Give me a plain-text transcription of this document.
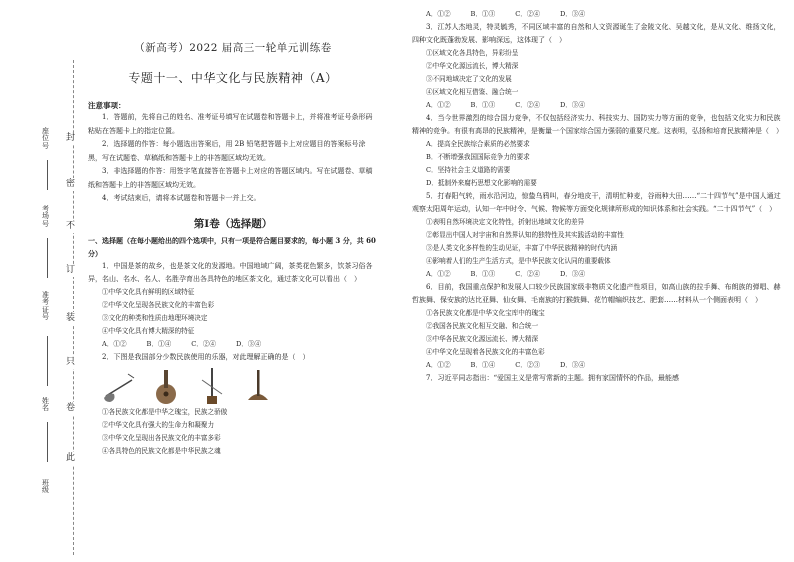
封
密
不
订
装
只
卷
此
座位号
考场号
准考证号
姓名
班级
（新高考）2022 届高三一轮单元训练卷
专题十一、中华文化与民族精神（A）
注意事项：

1．答题前，先将自己的姓名、准考证号填写在试题卷和答题卡上，并将准考证号条形码粘贴在答题卡上的指定位置。

2．选择题的作答：每小题选出答案后，用 2B 铅笔把答题卡上对应题目的答案标号涂黑，写在试题卷、草稿纸和答题卡上的非答题区域均无效。

3．非选择题的作答：用签字笔直接答在答题卡上对应的答题区域内。写在试题卷、草稿纸和答题卡上的非答题区域均无效。

4．考试结束后，请将本试题卷和答题卡一并上交。

第Ⅰ卷（选择题）
一、选择题（在每小题给出的四个选项中，只有一项是符合题目要求的，每小题 3 分，共 60 分）

1．中国是茶的故乡，也是茶文化的发源地。中国地域广阔，茶类花色繁多，饮茶习俗各异，名山、名水、名人、名胜孕育出各具特色的地区茶文化，通过茶文化可以看出（　）

①中华文化具有鲜明的区域特征

②中华文化呈现各民族文化的丰富色彩

③文化的种类和性质由地理环境决定

④中华文化具有博大精深的特征

A．①②	B．①④	C．②④	D．③④

2．下图是我国部分少数民族使用的乐器，对此理解正确的是（　）

①各民族文化都是中华之瑰宝，民族之骄傲

②中华文化具有强大的生命力和凝聚力

③中华文化呈现出各民族文化的丰富多彩

④各具特色的民族文化都是中华民族之魂

A．①②	B．①③	C．②④	D．③④

3．江苏人杰地灵，特灵毓秀，不同区域丰富的自然和人文资源诞生了金陵文化、吴越文化，是从文化、维扬文化，四种文化既蓬勃发展、影响深远，这体现了（　）

①区域文化各具特色，异彩纷呈

②中华文化源远流长，博大精深

③不同地域决定了文化的发展

④区域文化相互借鉴、融合统一

A．①②	B．①③	C．②④	D．③④

4．当今世界激烈的综合国力竞争，不仅包括经济实力、科技实力、国防实力等方面的竞争，也包括文化实力和民族精神的竞争。有很有高昂的民族精神，是衡量一个国家综合国力强弱的重要尺度。这表明，弘扬和培育民族精神是（　）

A．提高全民族综合素质的必然要求

B．不断增强我国国际竞争力的要求

C．坚持社会主义道路的需要

D．抵制外来腐朽思想文化影响的需要

5．打春阳气转，雨水沿河边，惊蛰乌鸦叫，春分地皮干，清明忙种麦，谷雨种大田……“二十四节气”是中国人通过观察太阳周年运动，认知一年中时令、气候、物候等方面变化规律所形成的知识体系和社会实践。“二十四节气”（　）

①表明自然环境决定文化特性，折射出地域文化的差异

②彰显出中国人对宇宙和自然界认知的独特性及其实践活动的丰富性

③是人类文化多样性的生动见证，丰富了中华民族精神的时代内涵

④影响着人们的生产生活方式，是中华民族文化认同的重要载体

A．①②	B．①③	C．②④	D．③④

6．目前，我国重点保护和发展人口较少民族国家级非物质文化遗产性项目，如高山族的拉手舞、布朗族的弹唱、赫哲族舞、保安族的达比亚舞、仙女舞、毛南族的打猴鼓舞、花竹帽编织技艺、肥套……材料从一个侧面表明（　）

①各民族文化都是中华文化宝库中的瑰宝

②我国各民族文化相互交融、和合统一

③中华各民族文化源远流长、博大精深

④中华文化呈现着各民族文化的丰富色彩

A．①②	B．①④	C．②③	D．③④

7．习近平同志指出：“爱国主义是常写常新的主题。拥有家国情怀的作品，最能感
